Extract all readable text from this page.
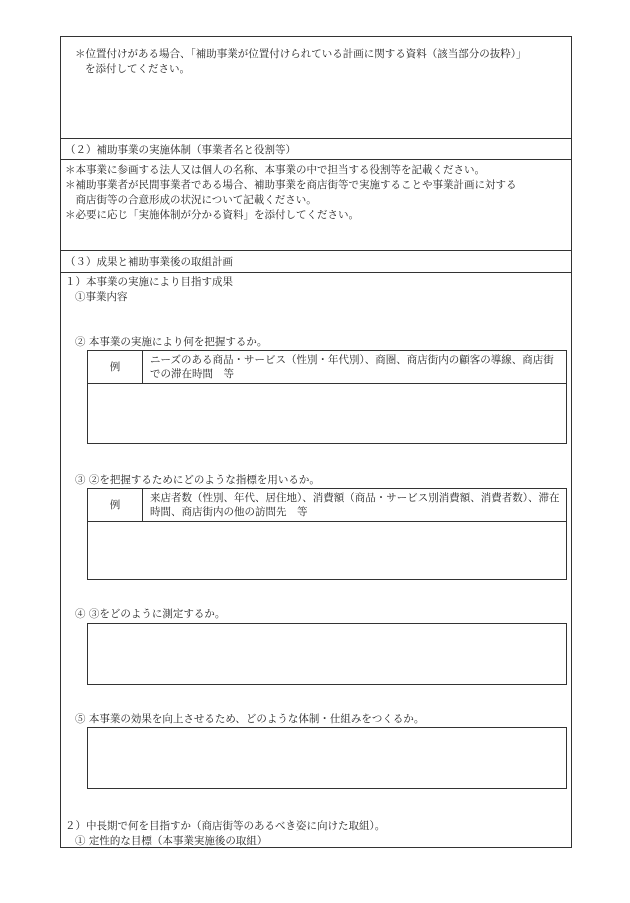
＊位置付けがある場合、「補助事業が位置付けられている計画に関する資料（該当部分の抜粋）」
を添付してください。
（２）補助事業の実施体制（事業者名と役割等）
＊本事業に参画する法人又は個人の名称、本事業の中で担当する役割等を記載ください。
＊補助事業者が民間事業者である場合、補助事業を商店街等で実施することや事業計画に対する
　商店街等の合意形成の状況について記載ください。
＊必要に応じ「実施体制が分かる資料」を添付してください。
（３）成果と補助事業後の取組計画
１）本事業の実施により目指す成果
①事業内容
② 本事業の実施により何を把握するか。
例
ニーズのある商品・サービス（性別・年代別）、商圏、商店街内の顧客の導線、商店街での滞在時間　等
③ ②を把握するためにどのような指標を用いるか。
例
来店者数（性別、年代、居住地）、消費額（商品・サービス別消費額、消費者数）、滞在時間、商店街内の他の訪問先　等
④ ③をどのように測定するか。
⑤ 本事業の効果を向上させるため、どのような体制・仕組みをつくるか。
２）中長期で何を目指すか（商店街等のあるべき姿に向けた取組）。
① 定性的な目標（本事業実施後の取組）
